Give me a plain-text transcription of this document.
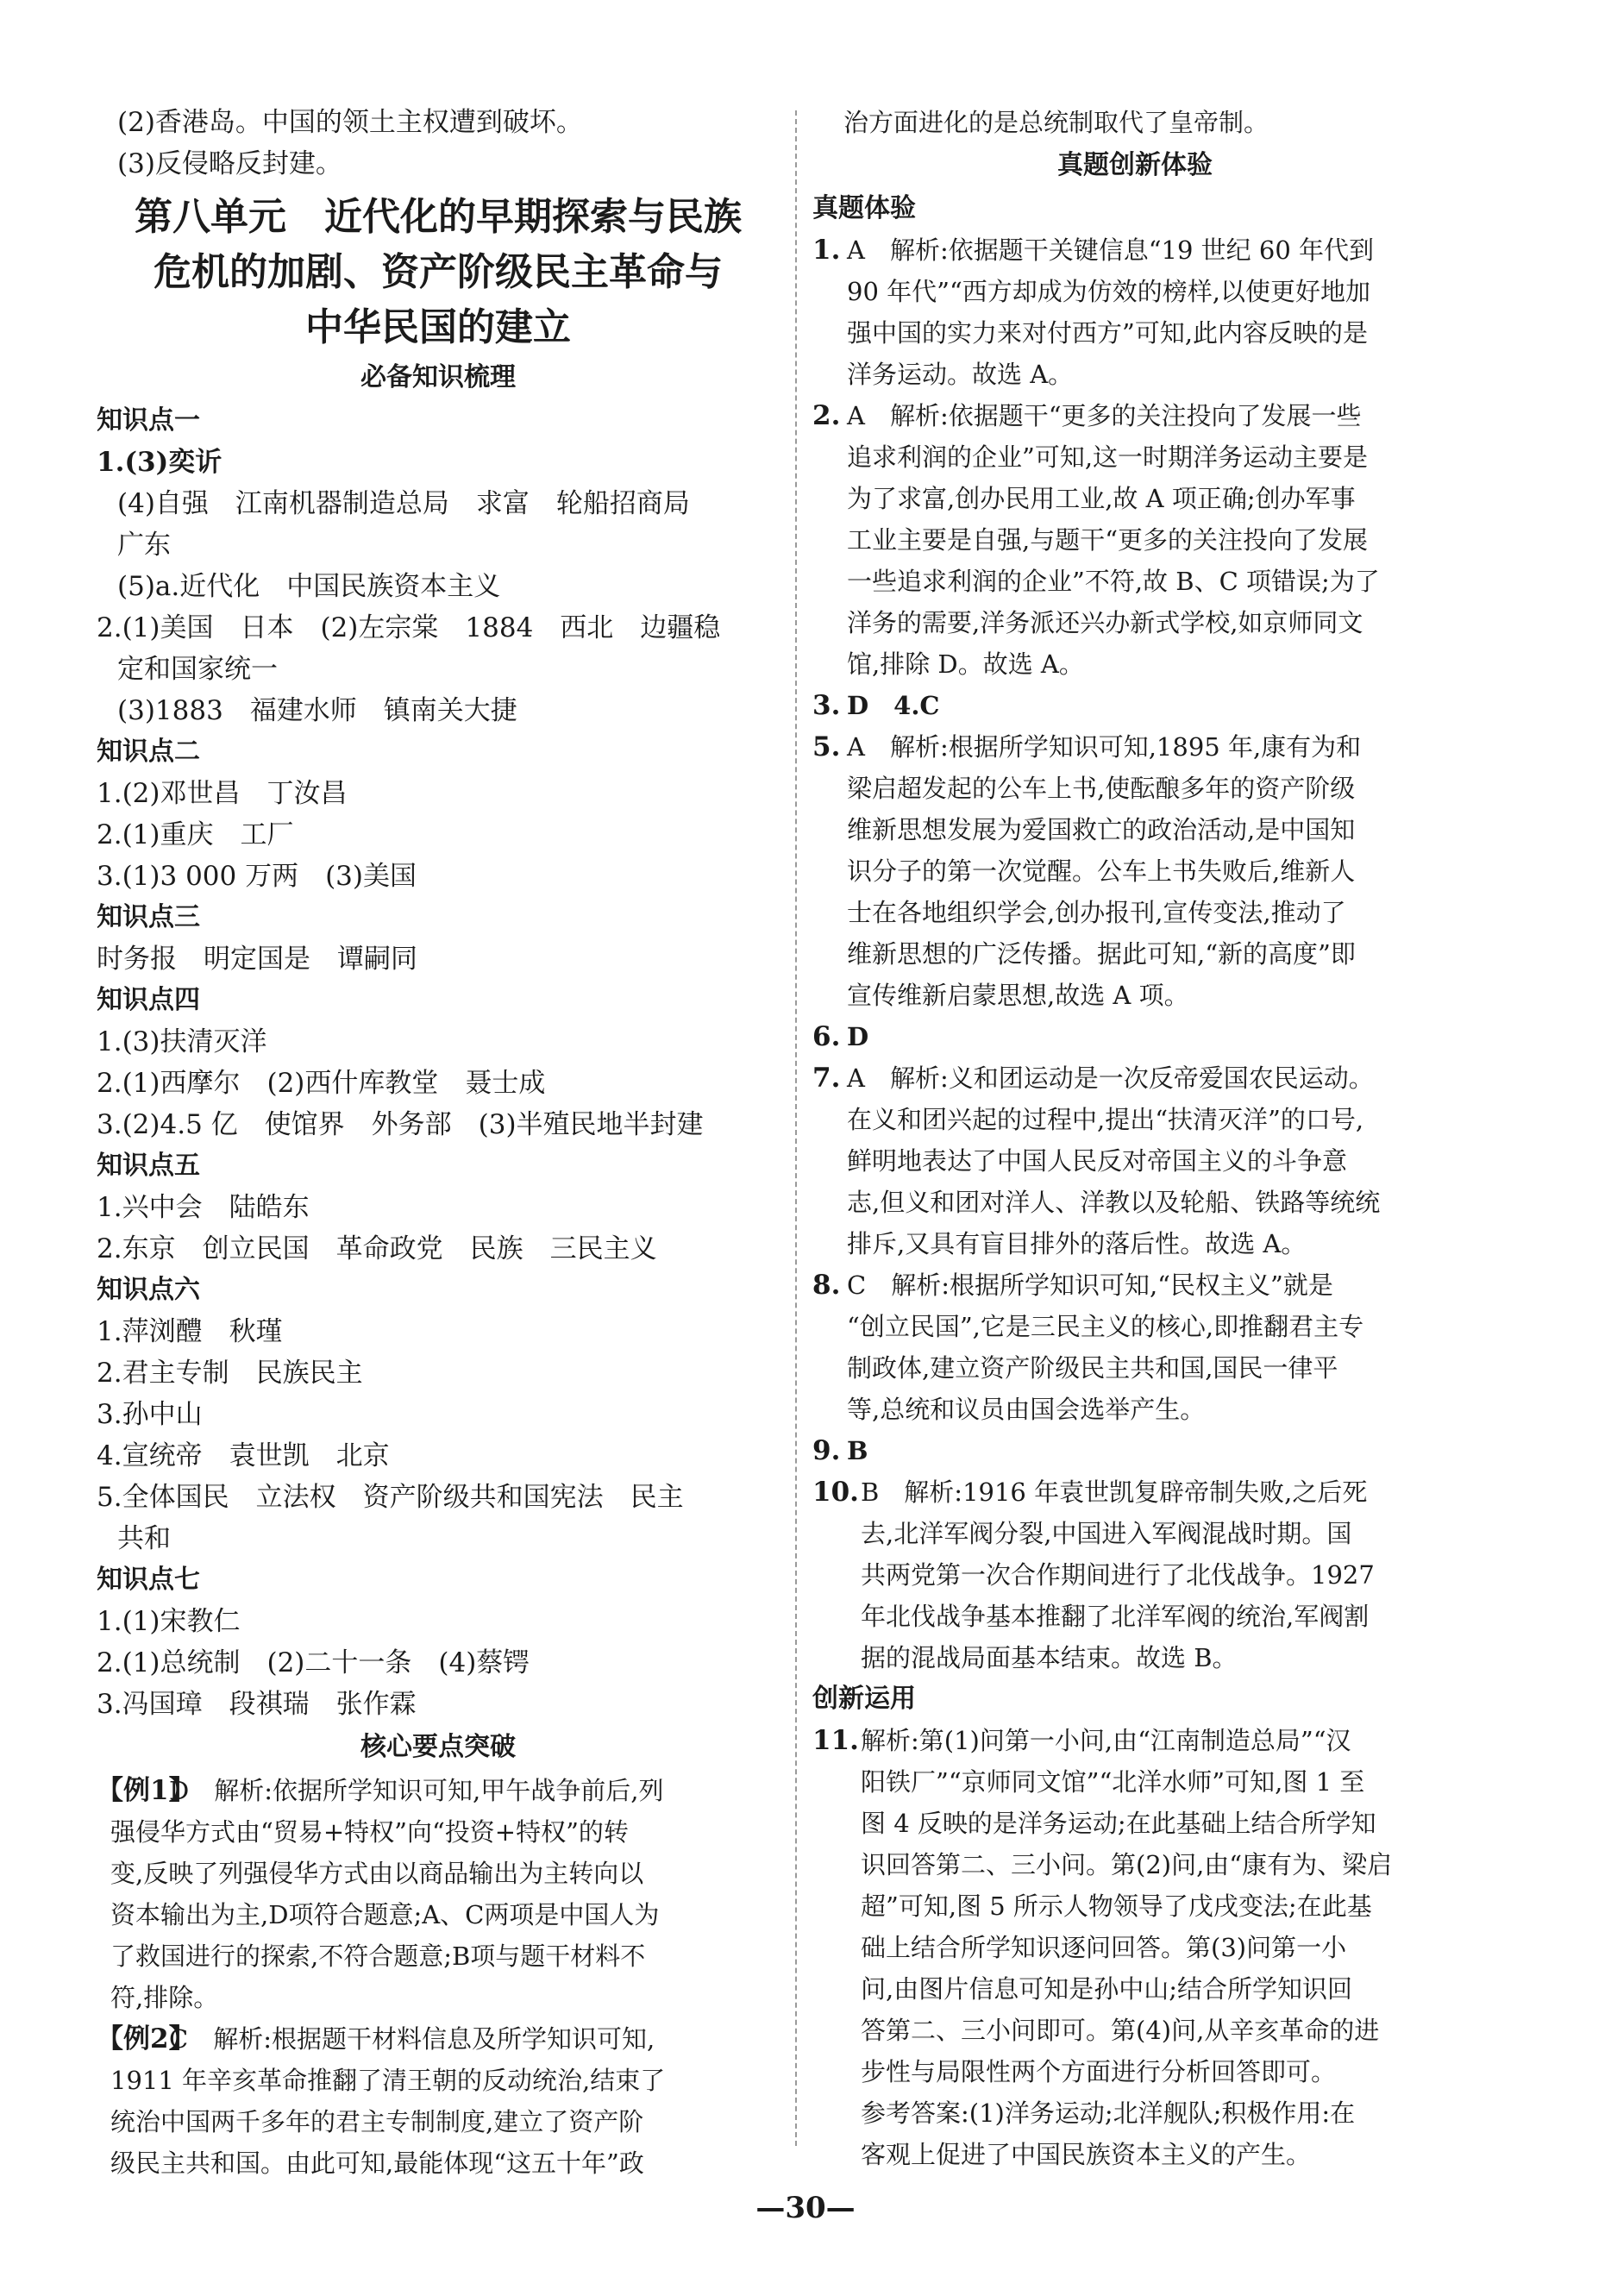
(2)香港岛。中国的领土主权遭到破坏。
(3)反侵略反封建。
第八单元　近代化的早期探索与民族
危机的加剧、资产阶级民主革命与
中华民国的建立
必备知识梳理
知识点一
1.(3)奕䜣
(4)自强　江南机器制造总局　求富　轮船招商局
广东
(5)a.近代化　中国民族资本主义
2.(1)美国　日本　(2)左宗棠　1884　西北　边疆稳
定和国家统一
(3)1883　福建水师　镇南关大捷
知识点二
1.(2)邓世昌　丁汝昌
2.(1)重庆　工厂
3.(1)3 000 万两　(3)美国
知识点三
时务报　明定国是　谭嗣同
知识点四
1.(3)扶清灭洋
2.(1)西摩尔　(2)西什库教堂　聂士成
3.(2)4.5 亿　使馆界　外务部　(3)半殖民地半封建
知识点五
1.兴中会　陆皓东
2.东京　创立民国　革命政党　民族　三民主义
知识点六
1.萍浏醴　秋瑾
2.君主专制　民族民主
3.孙中山
4.宣统帝　袁世凯　北京
5.全体国民　立法权　资产阶级共和国宪法　民主
共和
知识点七
1.(1)宋教仁
2.(1)总统制　(2)二十一条　(4)蔡锷
3.冯国璋　段祺瑞　张作霖
核心要点突破
【例1】
D　解析:依据所学知识可知,甲午战争前后,列
强侵华方式由“贸易+特权”向“投资+特权”的转
变,反映了列强侵华方式由以商品输出为主转向以
资本输出为主,D项符合题意;A、C两项是中国人为
了救国进行的探索,不符合题意;B项与题干材料不
符,排除。
【例2】
C　解析:根据题干材料信息及所学知识可知,
1911 年辛亥革命推翻了清王朝的反动统治,结束了
统治中国两千多年的君主专制制度,建立了资产阶
级民主共和国。由此可知,最能体现“这五十年”政
治方面进化的是总统制取代了皇帝制。
真题创新体验
真题体验
1. A　解析:依据题干关键信息“19 世纪 60 年代到
90 年代”“西方却成为仿效的榜样,以使更好地加
强中国的实力来对付西方”可知,此内容反映的是
洋务运动。故选 A。
2. A　解析:依据题干“更多的关注投向了发展一些
追求利润的企业”可知,这一时期洋务运动主要是
为了求富,创办民用工业,故 A 项正确;创办军事
工业主要是自强,与题干“更多的关注投向了发展
一些追求利润的企业”不符,故 B、C 项错误;为了
洋务的需要,洋务派还兴办新式学校,如京师同文
馆,排除 D。故选 A。
3. D　4.C
5. A　解析:根据所学知识可知,1895 年,康有为和
梁启超发起的公车上书,使酝酿多年的资产阶级
维新思想发展为爱国救亡的政治活动,是中国知
识分子的第一次觉醒。公车上书失败后,维新人
士在各地组织学会,创办报刊,宣传变法,推动了
维新思想的广泛传播。据此可知,“新的高度”即
宣传维新启蒙思想,故选 A 项。
6. D
7. A　解析:义和团运动是一次反帝爱国农民运动。
在义和团兴起的过程中,提出“扶清灭洋”的口号,
鲜明地表达了中国人民反对帝国主义的斗争意
志,但义和团对洋人、洋教以及轮船、铁路等统统
排斥,又具有盲目排外的落后性。故选 A。
8. C　解析:根据所学知识可知,“民权主义”就是
“创立民国”,它是三民主义的核心,即推翻君主专
制政体,建立资产阶级民主共和国,国民一律平
等,总统和议员由国会选举产生。
9. B
10. B　解析:1916 年袁世凯复辟帝制失败,之后死
去,北洋军阀分裂,中国进入军阀混战时期。国
共两党第一次合作期间进行了北伐战争。1927
年北伐战争基本推翻了北洋军阀的统治,军阀割
据的混战局面基本结束。故选 B。
创新运用
11. 解析:第(1)问第一小问,由“江南制造总局”“汉
阳铁厂”“京师同文馆”“北洋水师”可知,图 1 至
图 4 反映的是洋务运动;在此基础上结合所学知
识回答第二、三小问。第(2)问,由“康有为、梁启
超”可知,图 5 所示人物领导了戊戌变法;在此基
础上结合所学知识逐问回答。第(3)问第一小
问,由图片信息可知是孙中山;结合所学知识回
答第二、三小问即可。第(4)问,从辛亥革命的进
步性与局限性两个方面进行分析回答即可。
参考答案:(1)洋务运动;北洋舰队;积极作用:在
客观上促进了中国民族资本主义的产生。
—30—
